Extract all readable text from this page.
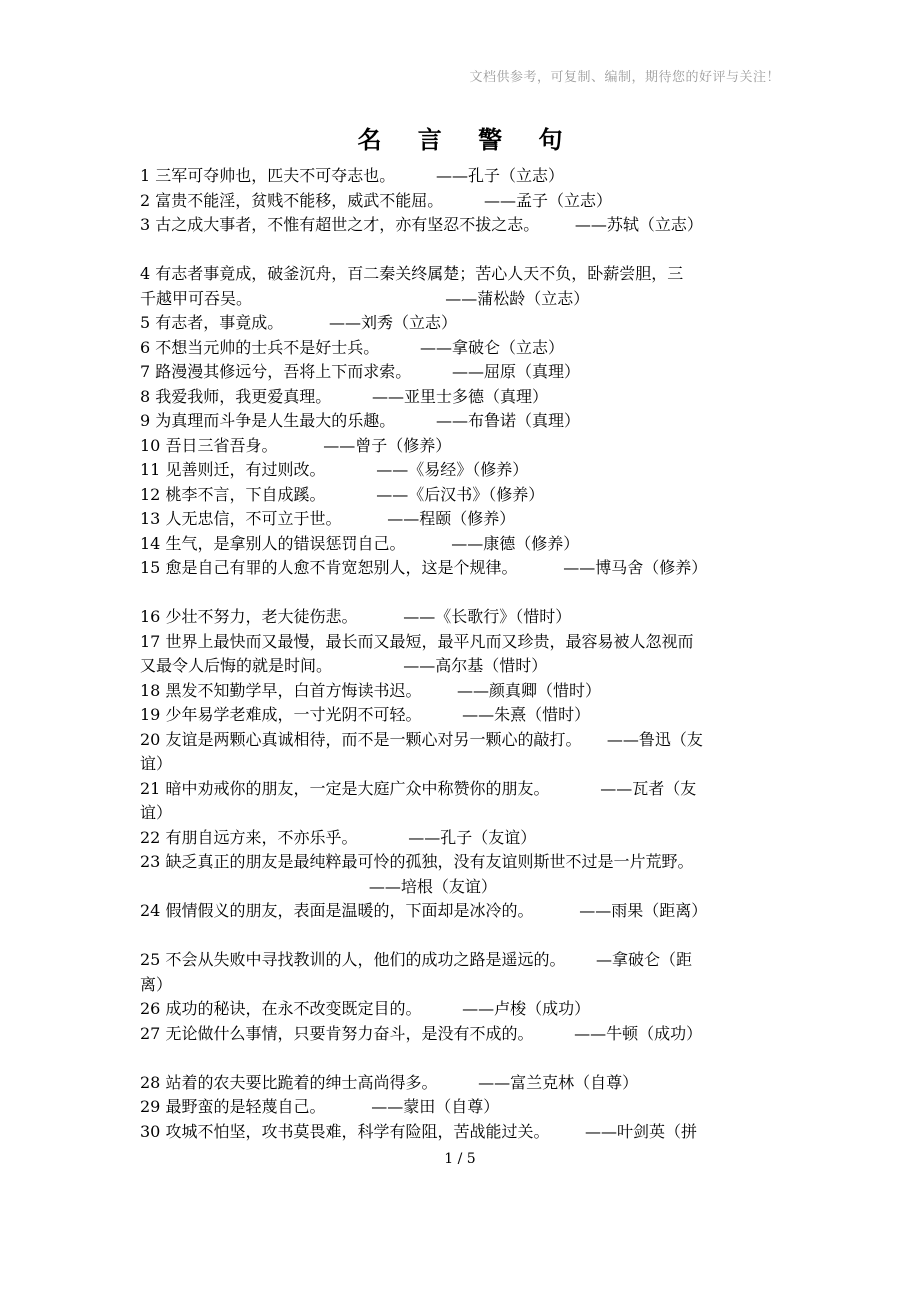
文档供参考，可复制、编制，期待您的好评与关注！
名 言 警 句
1 三军可夺帅也，匹夫不可夺志也。        ——孔子（立志）
2 富贵不能淫，贫贱不能移，威武不能屈。        ——孟子（立志）
3 古之成大事者，不惟有超世之才，亦有坚忍不拔之志。       ——苏轼（立志）
4 有志者事竟成，破釜沉舟，百二秦关终属楚；苦心人天不负，卧薪尝胆，三
千越甲可吞吴。                                      ——蒲松龄（立志）
5 有志者，事竟成。         ——刘秀（立志）
6 不想当元帅的士兵不是好士兵。        ——拿破仑（立志）
7 路漫漫其修远兮，吾将上下而求索。        ——屈原（真理）
8 我爱我师，我更爱真理。        ——亚里士多德（真理）
9 为真理而斗争是人生最大的乐趣。        ——布鲁诺（真理）
10 吾日三省吾身。         ——曾子（修养）
11 见善则迁，有过则改。          ——《易经》（修养）
12 桃李不言，下自成蹊。          ——《后汉书》（修养）
13 人无忠信，不可立于世。         ——程颐（修养）
14 生气，是拿别人的错误惩罚自己。         ——康德（修养）
15 愈是自己有罪的人愈不肯宽恕别人，这是个规律。         ——博马舍（修养）
16 少壮不努力，老大徒伤悲。         ——《长歌行》（惜时）
17 世界上最快而又最慢，最长而又最短，最平凡而又珍贵，最容易被人忽视而
又最令人后悔的就是时间。              ——高尔基（惜时）
18 黑发不知勤学早，白首方悔读书迟。       ——颜真卿（惜时）
19 少年易学老难成，一寸光阴不可轻。        ——朱熹（惜时）
20 友谊是两颗心真诚相待，而不是一颗心对另一颗心的敲打。     ——鲁迅（友
谊）
21 暗中劝戒你的朋友，一定是大庭广众中称赞你的朋友。          ——瓦者（友
谊）
22 有朋自远方来，不亦乐乎。          ——孔子（友谊）
23 缺乏真正的朋友是最纯粹最可怜的孤独，没有友谊则斯世不过是一片荒野。
——培根（友谊）
24 假情假义的朋友，表面是温暖的，下面却是冰冷的。         ——雨果（距离）
25 不会从失败中寻找教训的人，他们的成功之路是遥远的。      —拿破仑（距
离）
26 成功的秘诀，在永不改变既定目的。        ——卢梭（成功）
27 无论做什么事情，只要肯努力奋斗，是没有不成的。        ——牛顿（成功）
28 站着的农夫要比跪着的绅士高尚得多。        ——富兰克林（自尊）
29 最野蛮的是轻蔑自己。         ——蒙田（自尊）
30 攻城不怕坚，攻书莫畏难，科学有险阻，苦战能过关。       ——叶剑英（拼
1 / 5
